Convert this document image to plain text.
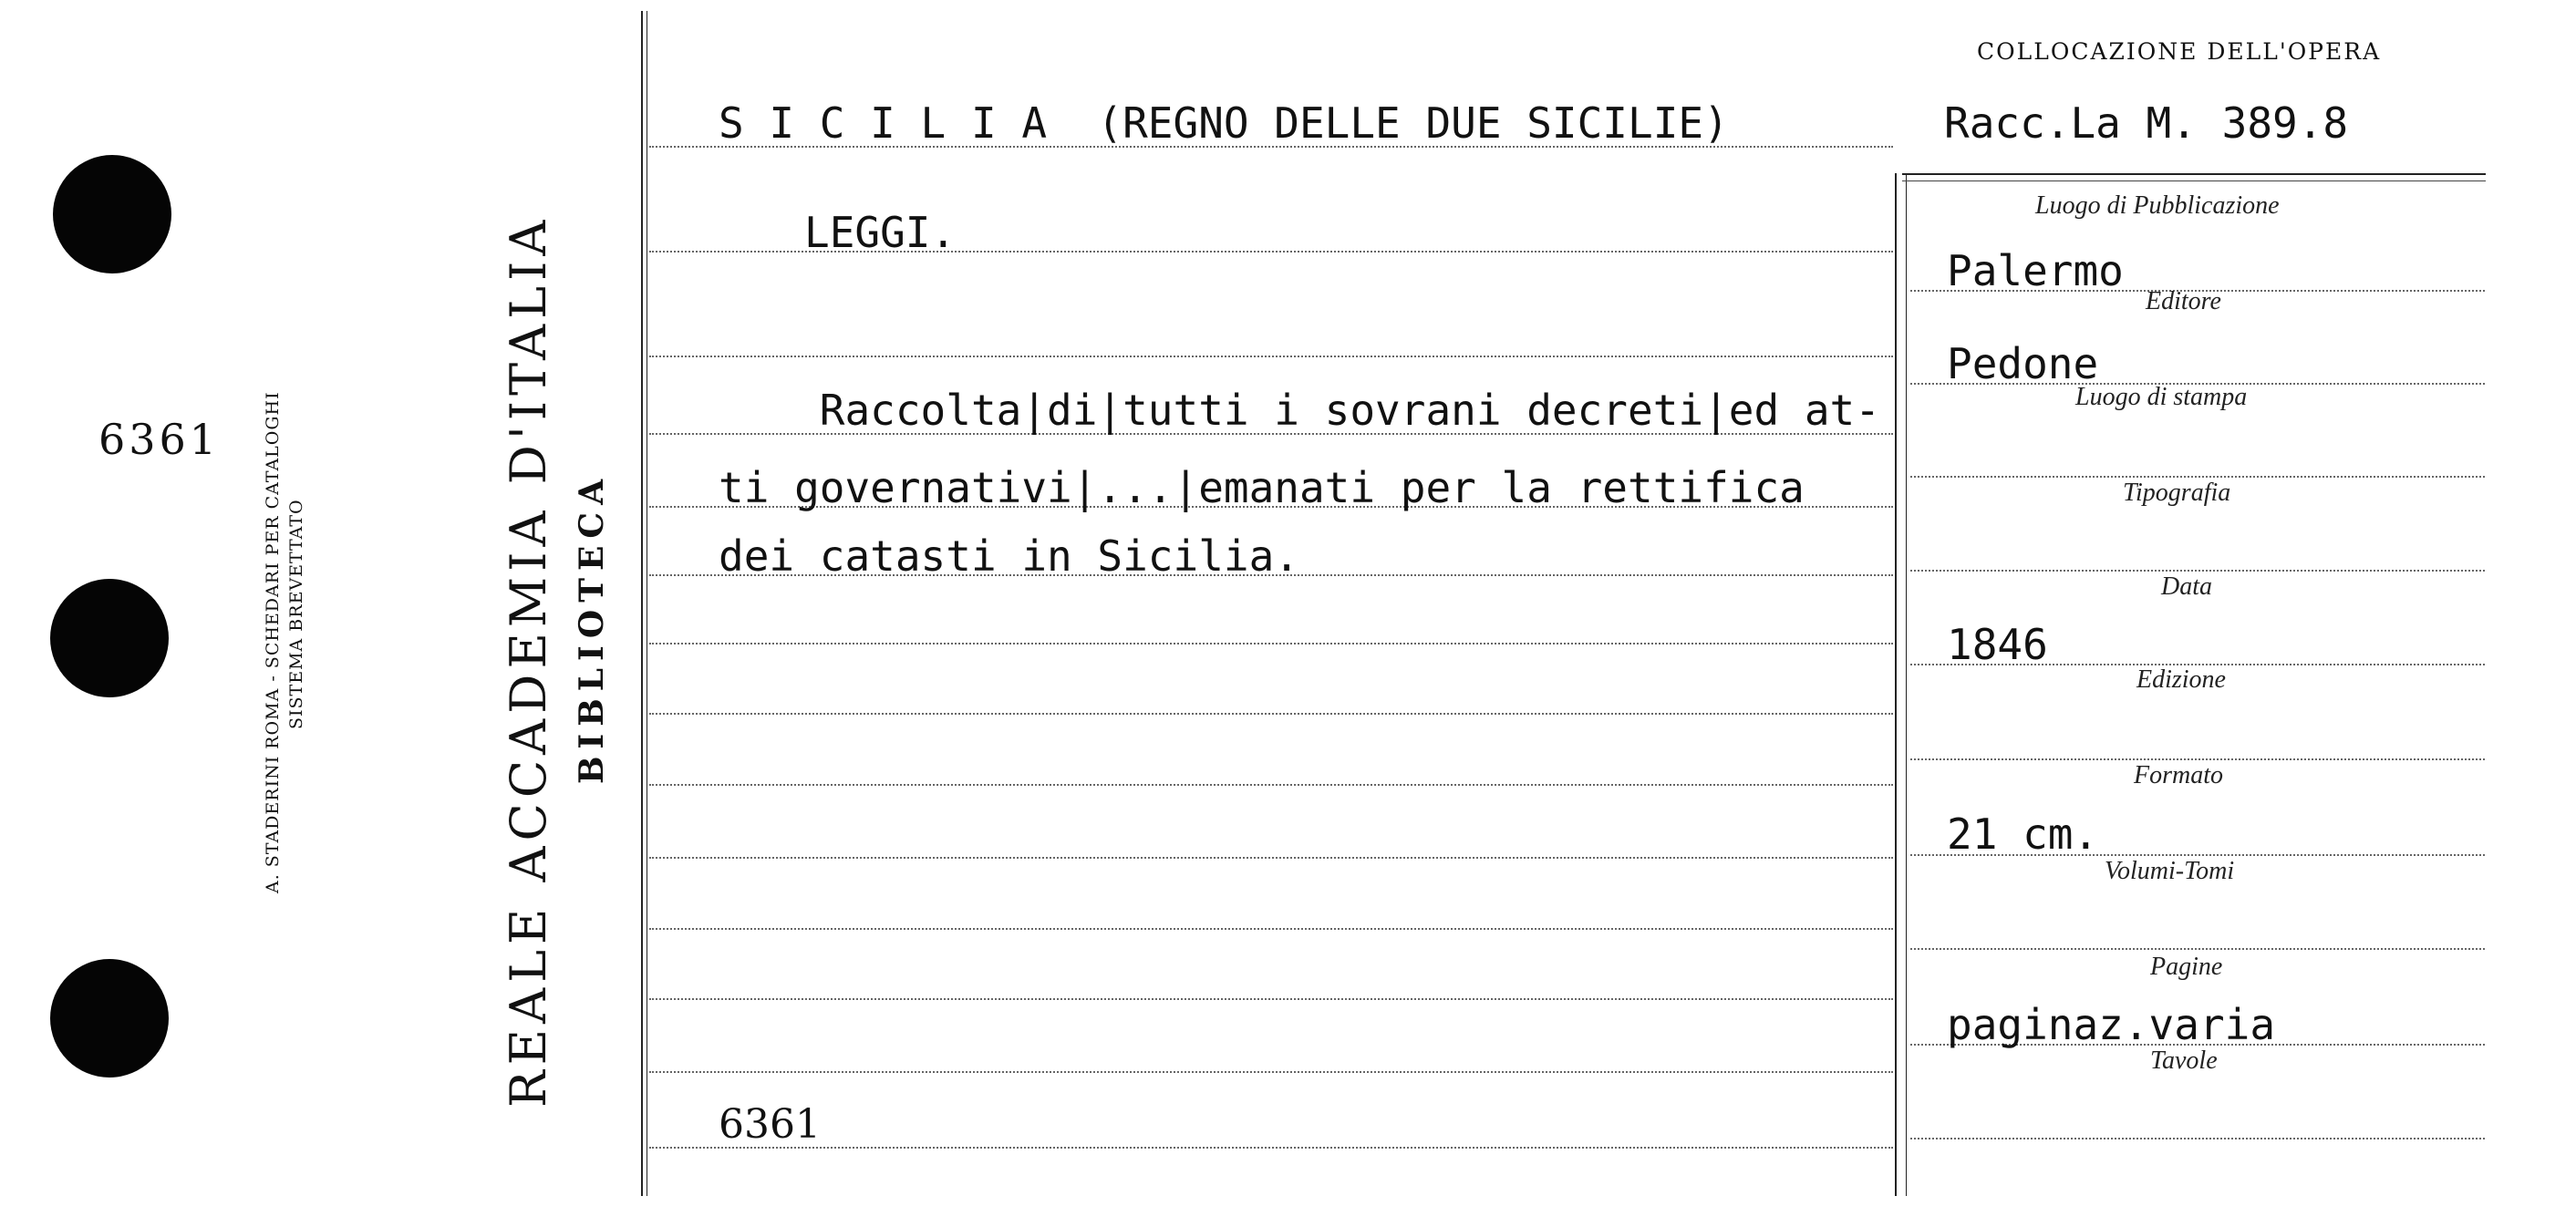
6361 A. STADERINI ROMA - SCHEDARI PER CATALOGHI SISTEMA BREVETTATO	REALE ACCADEMIA D'ITALIA BIBLIOTECA
COLLOCAZIONE DELL'OPERA
Racc.La M. 389.8
S I C I L I A  (REGNO DELLE DUE SICILIE)
LEGGI.
Raccolta|di|tutti i sovrani decreti|ed at-
ti governativi|...|emanati per la rettifica
dei catasti in Sicilia.
6361
Luogo di Pubblicazione
Palermo
Editore
Pedone
Luogo di stampa
Tipografia
Data
1846
Edizione
Formato
21 cm.
Volumi-Tomi
Pagine
paginaz.varia
Tavole
